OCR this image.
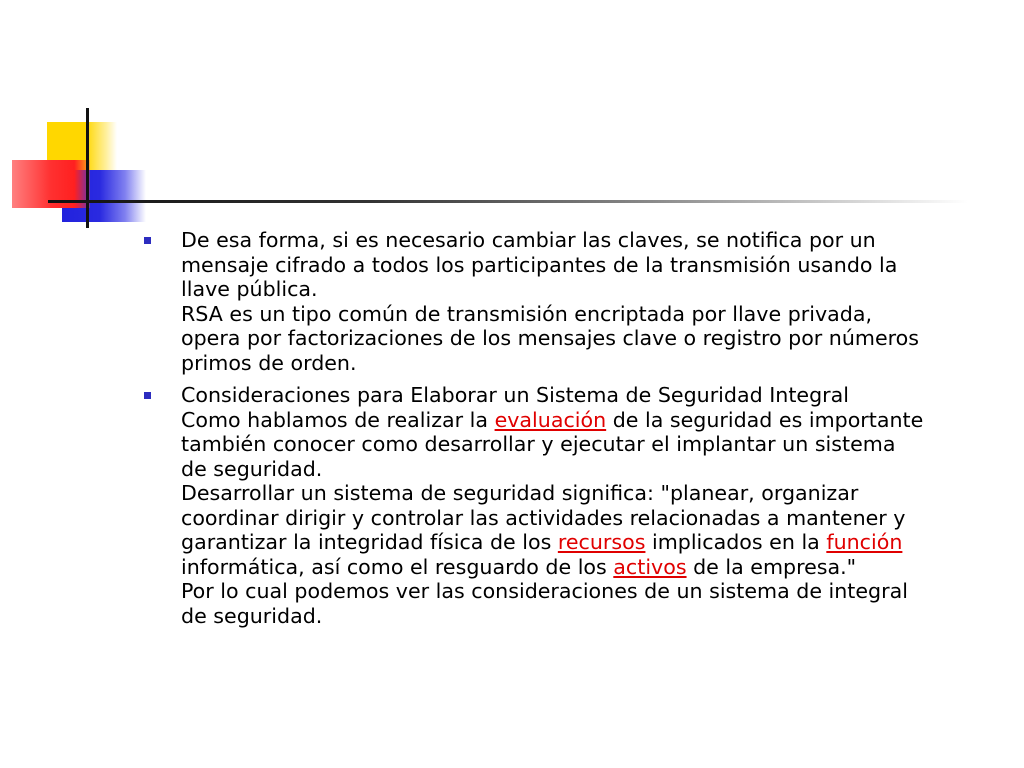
De esa forma, si es necesario cambiar las claves, se notifica por un
mensaje cifrado a todos los participantes de la transmisión usando la
llave pública.
RSA es un tipo común de transmisión encriptada por llave privada,
opera por factorizaciones de los mensajes clave o registro por números
primos de orden.
Consideraciones para Elaborar un Sistema de Seguridad Integral
Como hablamos de realizar la evaluación de la seguridad es importante
también conocer como desarrollar y ejecutar el implantar un sistema
de seguridad.
Desarrollar un sistema de seguridad significa: "planear, organizar
coordinar dirigir y controlar las actividades relacionadas a mantener y
garantizar la integridad física de los recursos implicados en la función
informática, así como el resguardo de los activos de la empresa."
Por lo cual podemos ver las consideraciones de un sistema de integral
de seguridad.
